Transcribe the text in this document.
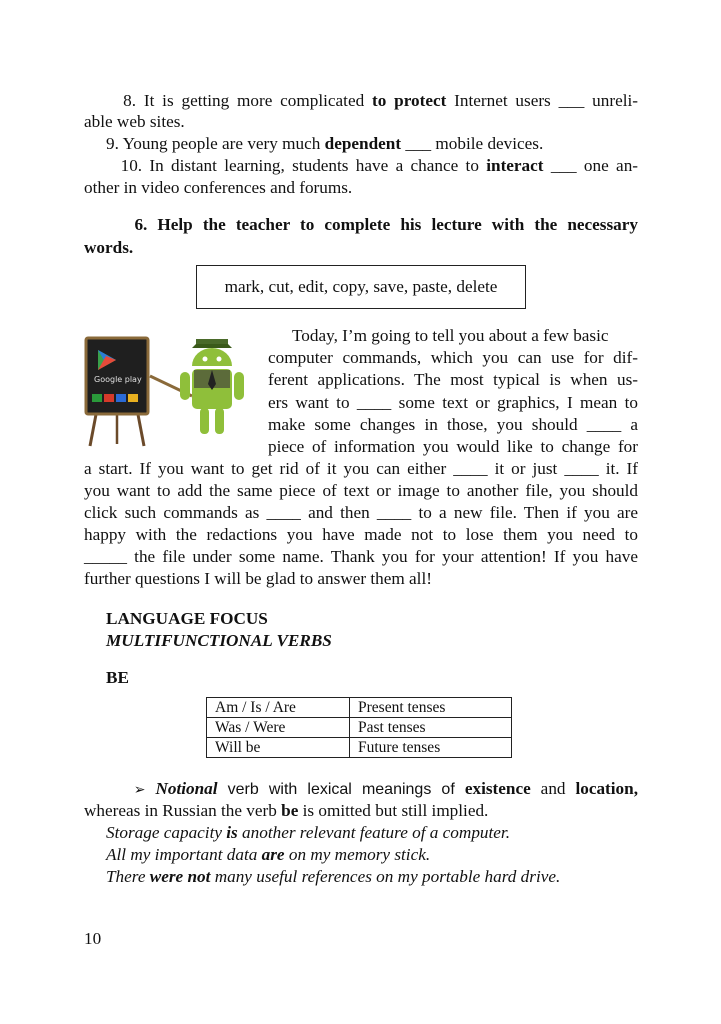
8. It is getting more complicated to protect Internet users ___ unreli-
able web sites.
9. Young people are very much dependent ___ mobile devices.
10. In distant learning, students have a chance to interact ___ one an-
other in video conferences and forums.
6. Help the teacher to complete his lecture with the necessary
words.
mark, cut, edit, copy, save, paste, delete
Google play
Today, I’m going to tell you about a few basic
computer commands, which you can use for dif-
ferent applications. The most typical is when us-
ers want to ____ some text or graphics, I mean to
make some changes in those, you should ____ a
piece of information you would like to change for
a start. If you want to get rid of it you can either ____ it or just ____ it. If
you want to add the same piece of text or image to another file, you should
click such commands as ____ and then ____ to a new file. Then if you are
happy with the redactions you have made not to lose them you need to
_____ the file under some name. Thank you for your attention! If you have
further questions I will be glad to answer them all!
LANGUAGE FOCUS
MULTIFUNCTIONAL VERBS
BE
Am / Is / Are	Present tenses
Was / Were	Past tenses
Will be	Future tenses
➢ Notional verb with lexical meanings of existence and location,
whereas in Russian the verb be is omitted but still implied.
Storage capacity is another relevant feature of a computer.
All my important data are on my memory stick.
There were not many useful references on my portable hard drive.
10
